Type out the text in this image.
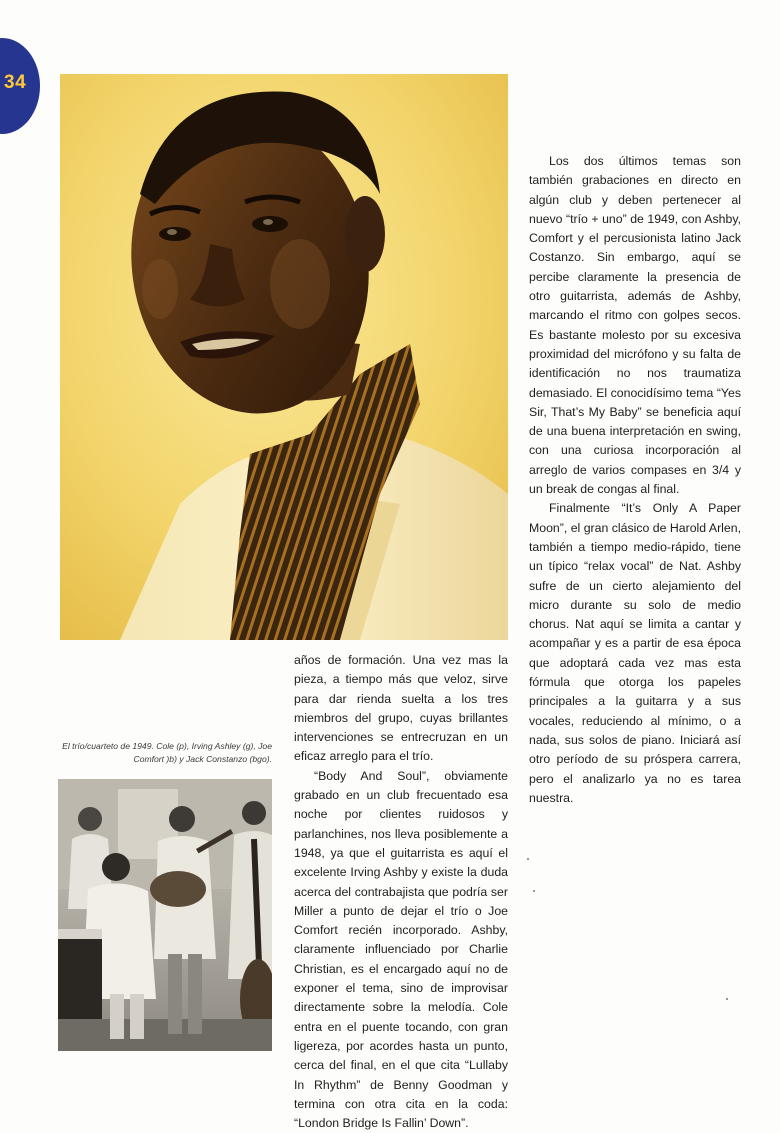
34

Los dos últimos temas son también grabaciones en directo en algún club y deben pertenecer al nuevo “trío + uno” de 1949, con Ashby, Comfort y el percusionista latino Jack Costanzo. Sin embargo, aquí se percibe claramente la presencia de otro guitarrista, además de Ashby, marcando el ritmo con golpes secos. Es bastante molesto por su excesiva proximidad del micrófono y su falta de identificación no nos traumatiza demasiado. El conocidísimo tema “Yes Sir, That’s My Baby” se beneficia aquí de una buena interpretación en swing, con una curiosa incorporación al arreglo de varios compases en 3/4 y un break de congas al final.

Finalmente “It’s Only A Paper Moon”, el gran clásico de Harold Arlen, también a tiempo medio-rápido, tiene un típico “relax vocal” de Nat. Ashby sufre de un cierto alejamiento del micro durante su solo de medio chorus. Nat aquí se limita a cantar y acompañar y es a partir de esa época que adoptará cada vez mas esta fórmula que otorga los papeles principales a la guitarra y a sus vocales, reduciendo al mínimo, o a nada, sus solos de piano. Iniciará así otro período de su próspera carrera, pero el analizarlo ya no es tarea nuestra.

años de formación. Una vez mas la pieza, a tiempo más que veloz, sirve para dar rienda suelta a los tres miembros del grupo, cuyas brillantes intervenciones se entrecruzan en un eficaz arreglo para el trío.

“Body And Soul”, obviamente grabado en un club frecuentado esa noche por clientes ruidosos y parlanchines, nos lleva posiblemente a 1948, ya que el guitarrista es aquí el excelente Irving Ashby y existe la duda acerca del contrabajista que podría ser Miller a punto de dejar el trío o Joe Comfort recién incorporado. Ashby, claramente influenciado por Charlie Christian, es el encargado aquí no de exponer el tema, sino de improvisar directamente sobre la melodía. Cole entra en el puente tocando, con gran ligereza, por acordes hasta un punto, cerca del final, en el que cita “Lullaby In Rhythm” de Benny Goodman y termina con otra cita en la coda: “London Bridge Is Fallin’ Down”.

El trío/cuarteto de 1949. Cole (p), Irving Ashley (g), Joe Comfort )b) y Jack Constanzo (bgo).
